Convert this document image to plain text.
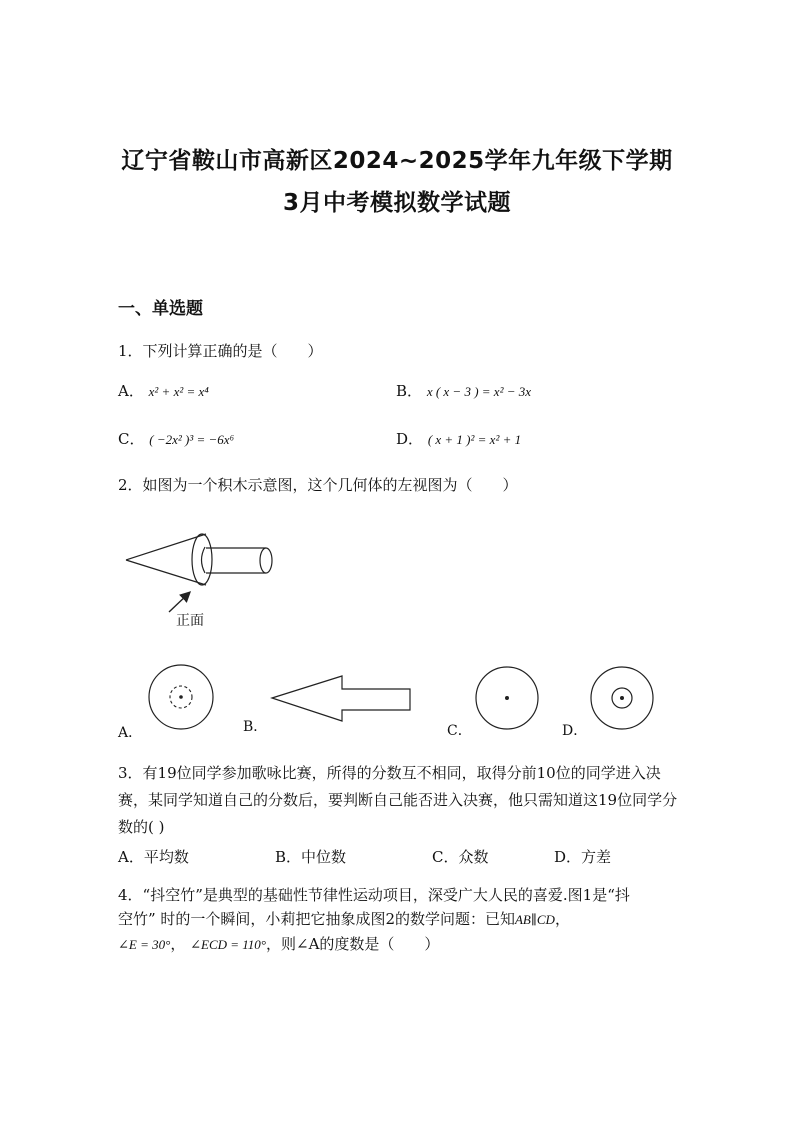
辽宁省鞍山市高新区2024~2025学年九年级下学期
3月中考模拟数学试题
一、单选题
1．下列计算正确的是（　　）
A． x² + x² = x⁴	B． x ( x − 3 ) = x² − 3x
C． ( −2x² )³ = −6x⁶	D． ( x + 1 )² = x² + 1
2．如图为一个积木示意图，这个几何体的左视图为（　　）
正面
A．	B．	C．	D．
3．有19位同学参加歌咏比赛，所得的分数互不相同，取得分前10位的同学进入决赛，某同学知道自己的分数后，要判断自己能否进入决赛，他只需知道这19位同学分数的( )
A．平均数	B．中位数	C．众数	D．方差
4．“抖空竹”是典型的基础性节律性运动项目，深受广大人民的喜爱.图1是“抖
空竹” 时的一个瞬间，小莉把它抽象成图2的数学问题：已知AB∥CD，
∠E = 30°， ∠ECD = 110°，则∠A的度数是（　　）
